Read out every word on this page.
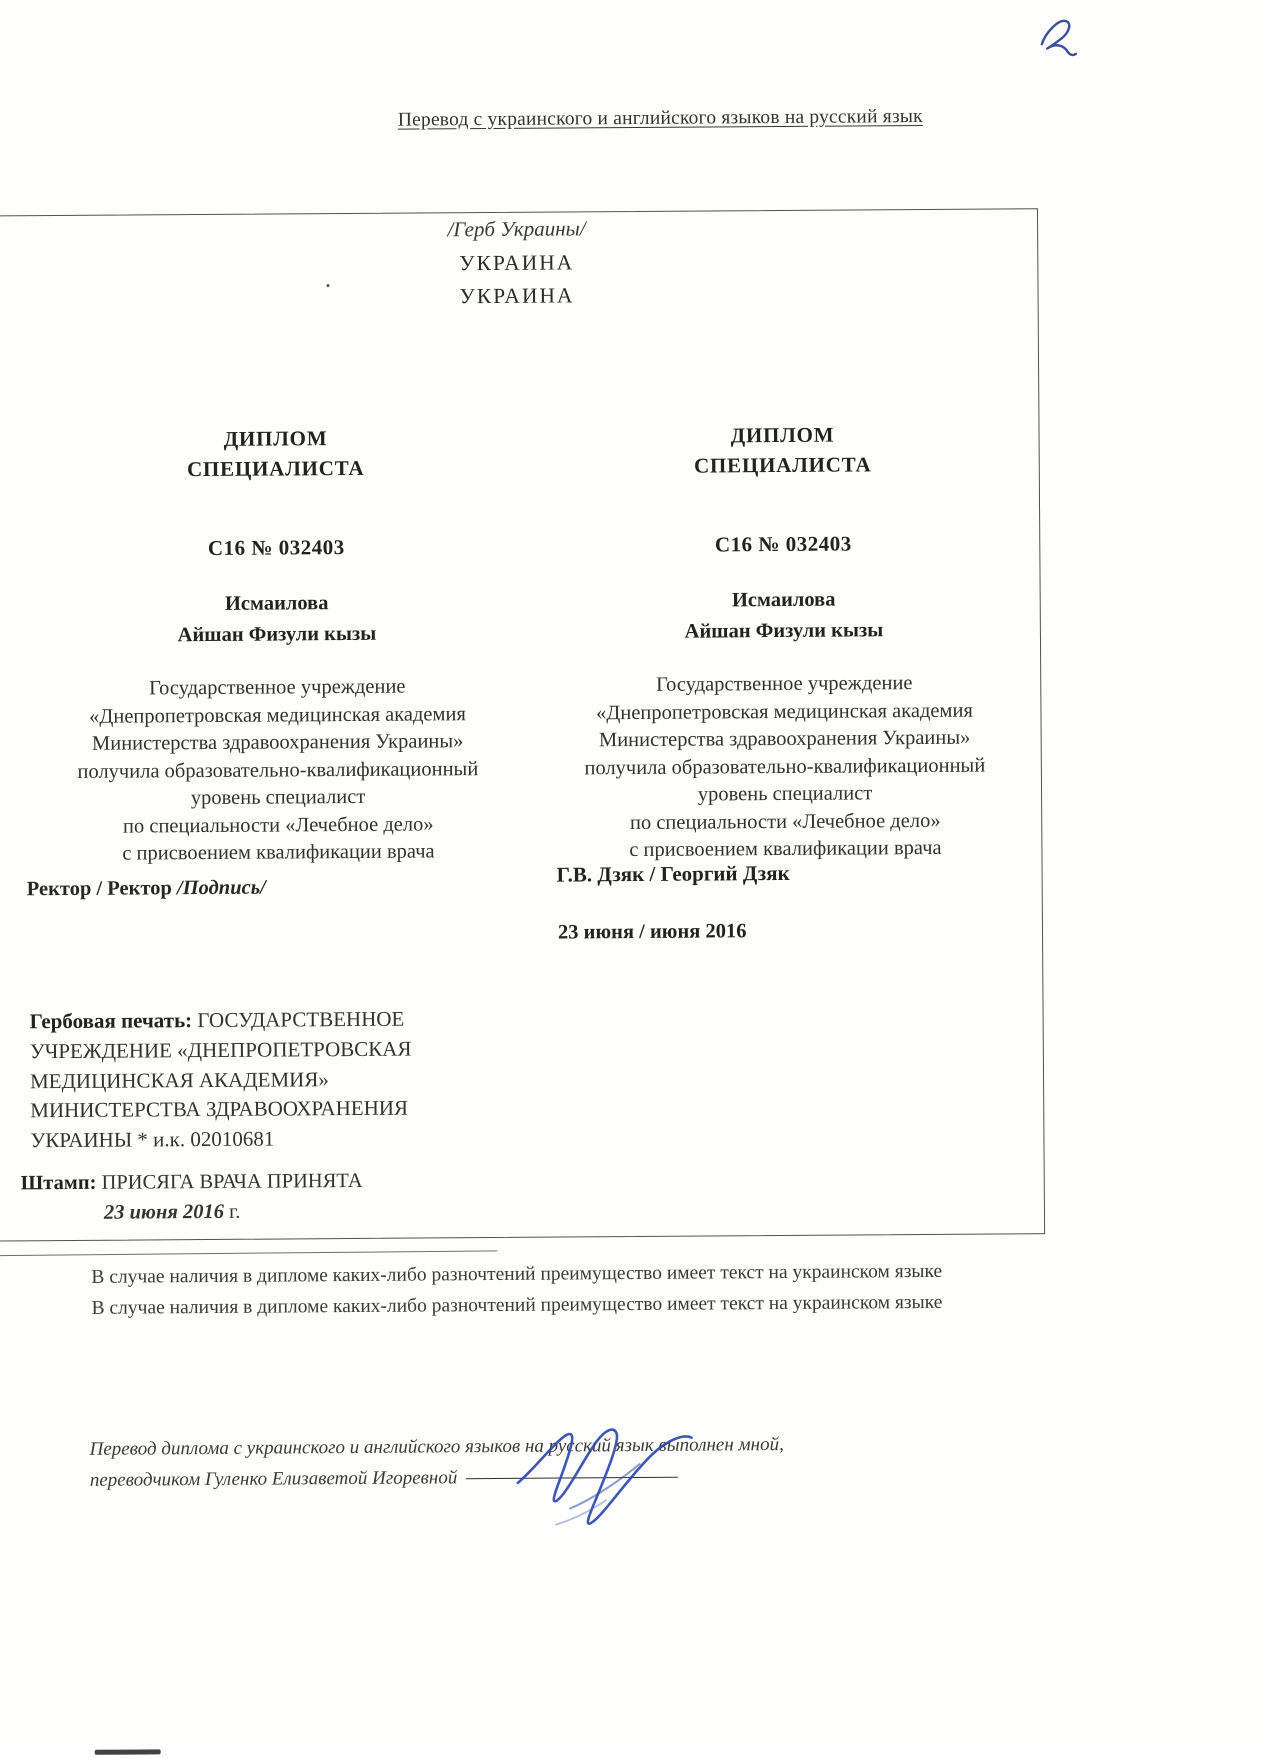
Перевод с украинского и английского языков на русский язык
/Герб Украины/
УКРАИНА
УКРАИНА
ДИПЛОМ
СПЕЦИАЛИСТА
С16 № 032403
Исмаилова
Айшан Физули кызы
Государственное учреждение
«Днепропетровская медицинская академия
Министерства здравоохранения Украины»
получила образовательно-квалификационный
уровень специалист
по специальности «Лечебное дело»
с присвоением квалификации врача
ДИПЛОМ
СПЕЦИАЛИСТА
С16 № 032403
Исмаилова
Айшан Физули кызы
Государственное учреждение
«Днепропетровская медицинская академия
Министерства здравоохранения Украины»
получила образовательно-квалификационный
уровень специалист
по специальности «Лечебное дело»
с присвоением квалификации врача
Ректор / Ректор /Подпись/
Г.В. Дзяк / Георгий Дзяк
23 июня / июня 2016
Гербовая печать: ГОСУДАРСТВЕННОЕ
УЧРЕЖДЕНИЕ «ДНЕПРОПЕТРОВСКАЯ
МЕДИЦИНСКАЯ АКАДЕМИЯ»
МИНИСТЕРСТВА ЗДРАВООХРАНЕНИЯ
УКРАИНЫ * и.к. 02010681
Штамп: ПРИСЯГА ВРАЧА ПРИНЯТА
23 июня 2016 г.
В случае наличия в дипломе каких-либо разночтений преимущество имеет текст на украинском языке
В случае наличия в дипломе каких-либо разночтений преимущество имеет текст на украинском языке
Перевод диплома с украинского и английского языков на русский язык выполнен мной,
переводчиком Гуленко Елизаветой Игоревной
